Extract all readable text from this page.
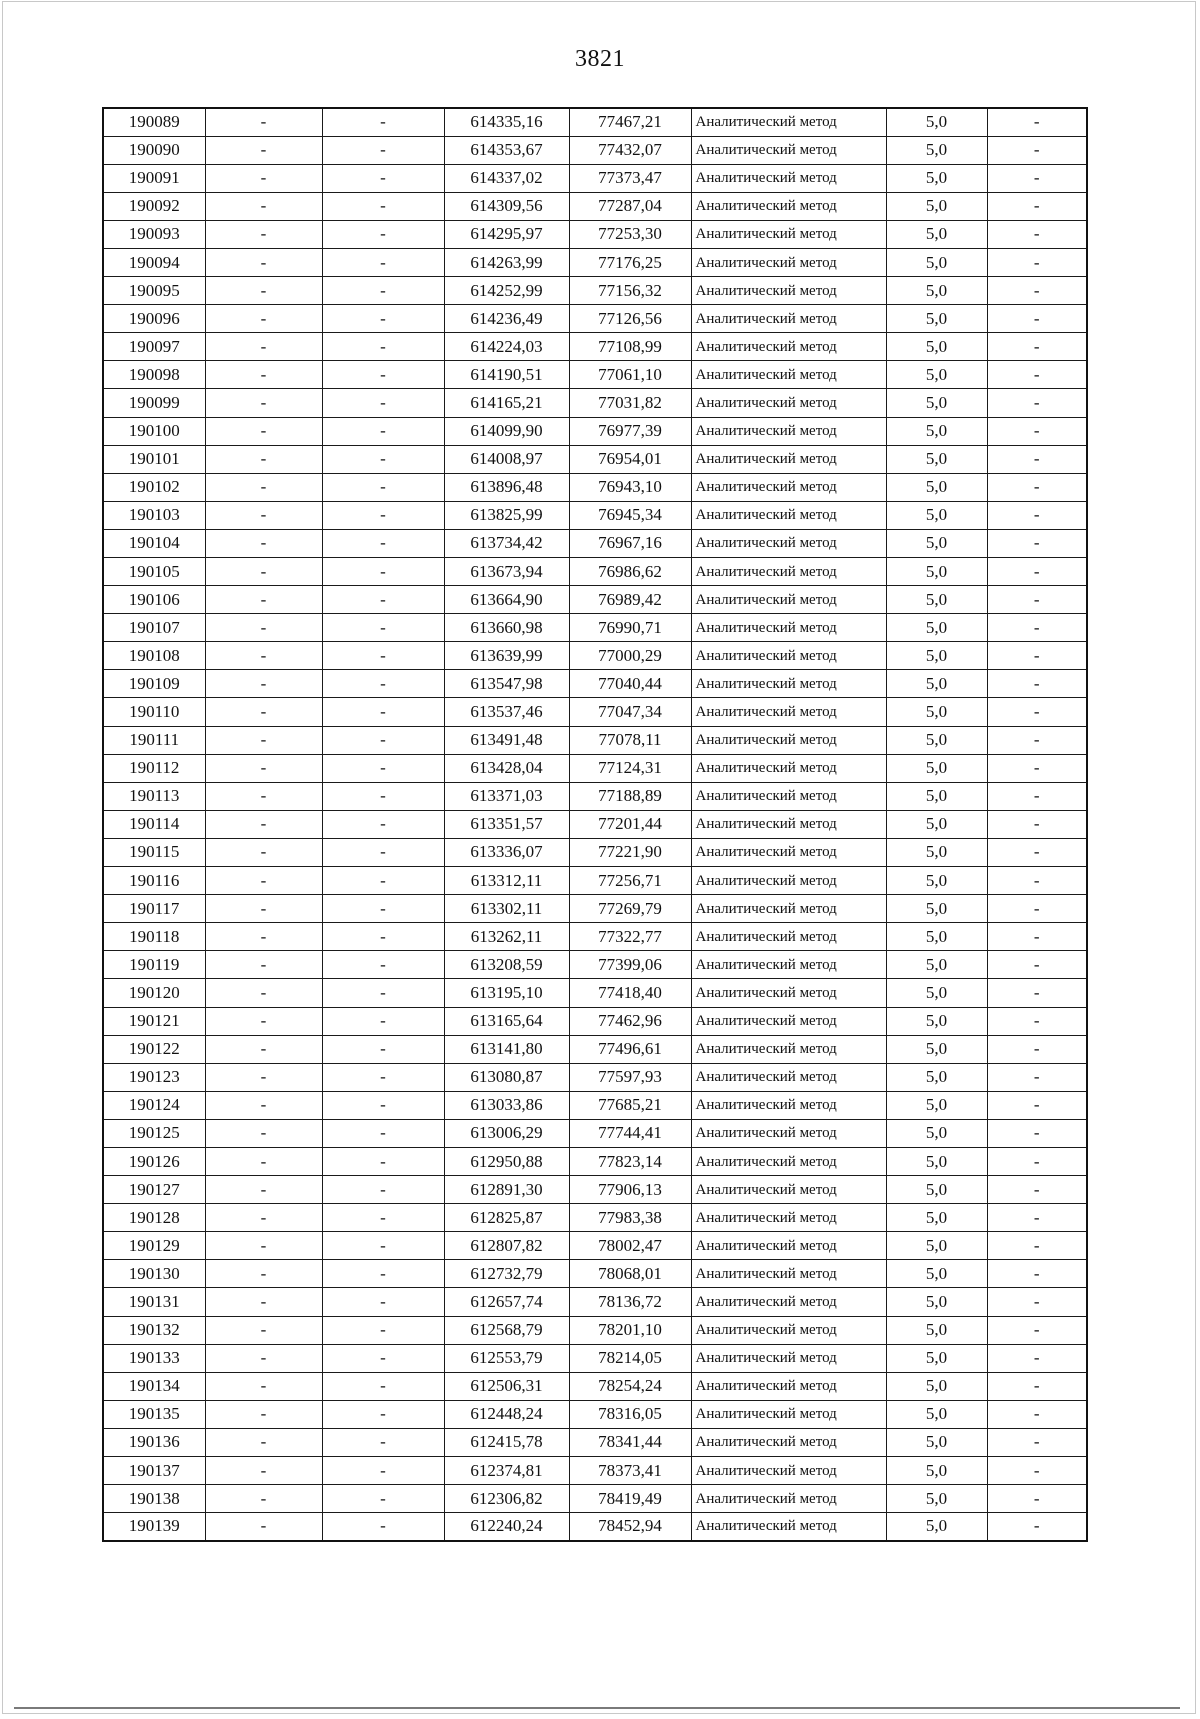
3821
190089	-	-	614335,16	77467,21	Аналитический метод	5,0	-
190090	-	-	614353,67	77432,07	Аналитический метод	5,0	-
190091	-	-	614337,02	77373,47	Аналитический метод	5,0	-
190092	-	-	614309,56	77287,04	Аналитический метод	5,0	-
190093	-	-	614295,97	77253,30	Аналитический метод	5,0	-
190094	-	-	614263,99	77176,25	Аналитический метод	5,0	-
190095	-	-	614252,99	77156,32	Аналитический метод	5,0	-
190096	-	-	614236,49	77126,56	Аналитический метод	5,0	-
190097	-	-	614224,03	77108,99	Аналитический метод	5,0	-
190098	-	-	614190,51	77061,10	Аналитический метод	5,0	-
190099	-	-	614165,21	77031,82	Аналитический метод	5,0	-
190100	-	-	614099,90	76977,39	Аналитический метод	5,0	-
190101	-	-	614008,97	76954,01	Аналитический метод	5,0	-
190102	-	-	613896,48	76943,10	Аналитический метод	5,0	-
190103	-	-	613825,99	76945,34	Аналитический метод	5,0	-
190104	-	-	613734,42	76967,16	Аналитический метод	5,0	-
190105	-	-	613673,94	76986,62	Аналитический метод	5,0	-
190106	-	-	613664,90	76989,42	Аналитический метод	5,0	-
190107	-	-	613660,98	76990,71	Аналитический метод	5,0	-
190108	-	-	613639,99	77000,29	Аналитический метод	5,0	-
190109	-	-	613547,98	77040,44	Аналитический метод	5,0	-
190110	-	-	613537,46	77047,34	Аналитический метод	5,0	-
190111	-	-	613491,48	77078,11	Аналитический метод	5,0	-
190112	-	-	613428,04	77124,31	Аналитический метод	5,0	-
190113	-	-	613371,03	77188,89	Аналитический метод	5,0	-
190114	-	-	613351,57	77201,44	Аналитический метод	5,0	-
190115	-	-	613336,07	77221,90	Аналитический метод	5,0	-
190116	-	-	613312,11	77256,71	Аналитический метод	5,0	-
190117	-	-	613302,11	77269,79	Аналитический метод	5,0	-
190118	-	-	613262,11	77322,77	Аналитический метод	5,0	-
190119	-	-	613208,59	77399,06	Аналитический метод	5,0	-
190120	-	-	613195,10	77418,40	Аналитический метод	5,0	-
190121	-	-	613165,64	77462,96	Аналитический метод	5,0	-
190122	-	-	613141,80	77496,61	Аналитический метод	5,0	-
190123	-	-	613080,87	77597,93	Аналитический метод	5,0	-
190124	-	-	613033,86	77685,21	Аналитический метод	5,0	-
190125	-	-	613006,29	77744,41	Аналитический метод	5,0	-
190126	-	-	612950,88	77823,14	Аналитический метод	5,0	-
190127	-	-	612891,30	77906,13	Аналитический метод	5,0	-
190128	-	-	612825,87	77983,38	Аналитический метод	5,0	-
190129	-	-	612807,82	78002,47	Аналитический метод	5,0	-
190130	-	-	612732,79	78068,01	Аналитический метод	5,0	-
190131	-	-	612657,74	78136,72	Аналитический метод	5,0	-
190132	-	-	612568,79	78201,10	Аналитический метод	5,0	-
190133	-	-	612553,79	78214,05	Аналитический метод	5,0	-
190134	-	-	612506,31	78254,24	Аналитический метод	5,0	-
190135	-	-	612448,24	78316,05	Аналитический метод	5,0	-
190136	-	-	612415,78	78341,44	Аналитический метод	5,0	-
190137	-	-	612374,81	78373,41	Аналитический метод	5,0	-
190138	-	-	612306,82	78419,49	Аналитический метод	5,0	-
190139	-	-	612240,24	78452,94	Аналитический метод	5,0	-
